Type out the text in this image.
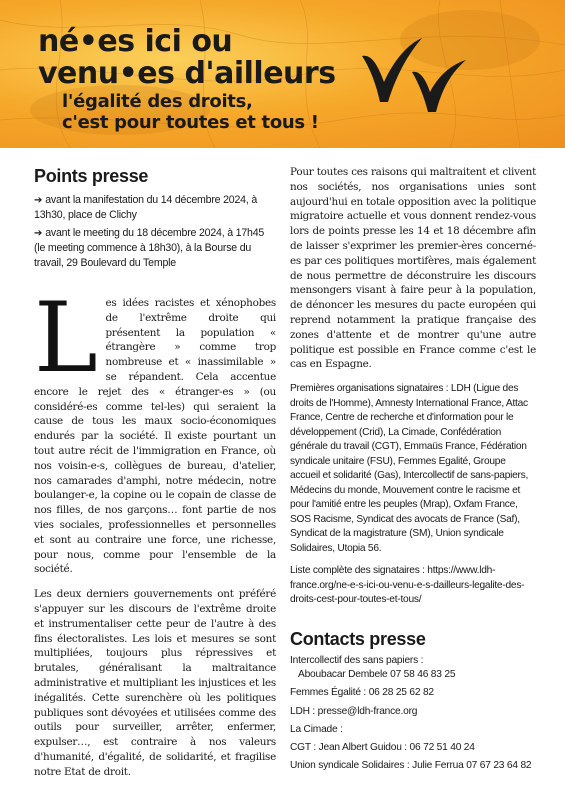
né•es ici ou
venu•es d'ailleurs
l'égalité des droits,
c'est pour toutes et tous !
Points presse
➔ avant la manifestation du 14 décembre 2024, à 13h30, place de Clichy
➔ avant le meeting du 18 décembre 2024, à 17h45 (le meeting commence à 18h30), à la Bourse du travail, 29 Boulevard du Temple

Les idées racistes et xénophobes de l'extrême droite qui présentent la population « étrangère » comme trop nombreuse et « inassimilable » se répandent. Cela accentue encore le rejet des « étranger-es » (ou considéré-es comme tel-les) qui seraient la cause de tous les maux socio-économiques endurés par la société. Il existe pourtant un tout autre récit de l'immigration en France, où nos voisin-e-s, collègues de bureau, d'atelier, nos camarades d'amphi, notre médecin, notre boulanger-e, la copine ou le copain de classe de nos filles, de nos garçons… font partie de nos vies sociales, professionnelles et personnelles et sont au contraire une force, une richesse, pour nous, comme pour l'ensemble de la société.

Les deux derniers gouvernements ont préféré s'appuyer sur les discours de l'extrême droite et instrumentaliser cette peur de l'autre à des fins électoralistes. Les lois et mesures se sont multipliées, toujours plus répressives et brutales, généralisant la maltraitance administrative et multipliant les injustices et les inégalités. Cette surenchère où les politiques publiques sont dévoyées et utilisées comme des outils pour surveiller, arrêter, enfermer, expulser…, est contraire à nos valeurs d'humanité, d'égalité, de solidarité, et fragilise notre Etat de droit.

Pour toutes ces raisons qui maltraitent et clivent nos sociétés, nos organisations unies sont aujourd'hui en totale opposition avec la politique migratoire actuelle et vous donnent rendez-vous lors de points presse les 14 et 18 décembre afin de laisser s'exprimer les premier-ères concerné-es par ces politiques mortifères, mais également de nous permettre de déconstruire les discours mensongers visant à faire peur à la population, de dénoncer les mesures du pacte européen qui reprend notamment la pratique française des zones d'attente et de montrer qu'une autre politique est possible en France comme c'est le cas en Espagne.

Premières organisations signataires : LDH (Ligue des droits de l'Homme), Amnesty International France, Attac France, Centre de recherche et d'information pour le développement (Crid), La Cimade, Confédération générale du travail (CGT), Emmaüs France, Fédération syndicale unitaire (FSU), Femmes Egalité, Groupe accueil et solidarité (Gas), Intercollectif de sans-papiers, Médecins du monde, Mouvement contre le racisme et pour l'amitié entre les peuples (Mrap), Oxfam France, SOS Racisme, Syndicat des avocats de France (Saf), Syndicat de la magistrature (SM), Union syndicale Solidaires, Utopia 56.

Liste complète des signataires : https://www.ldh-france.org/ne-e-s-ici-ou-venu-e-s-dailleurs-legalite-des-droits-cest-pour-toutes-et-tous/

Contacts presse
Intercollectif des sans papiers :
Aboubacar Dembele 07 58 46 83 25
Femmes Égalité : 06 28 25 62 82
LDH : presse@ldh-france.org
La Cimade :
CGT : Jean Albert Guidou : 06 72 51 40 24
Union syndicale Solidaires : Julie Ferrua 07 67 23 64 82
